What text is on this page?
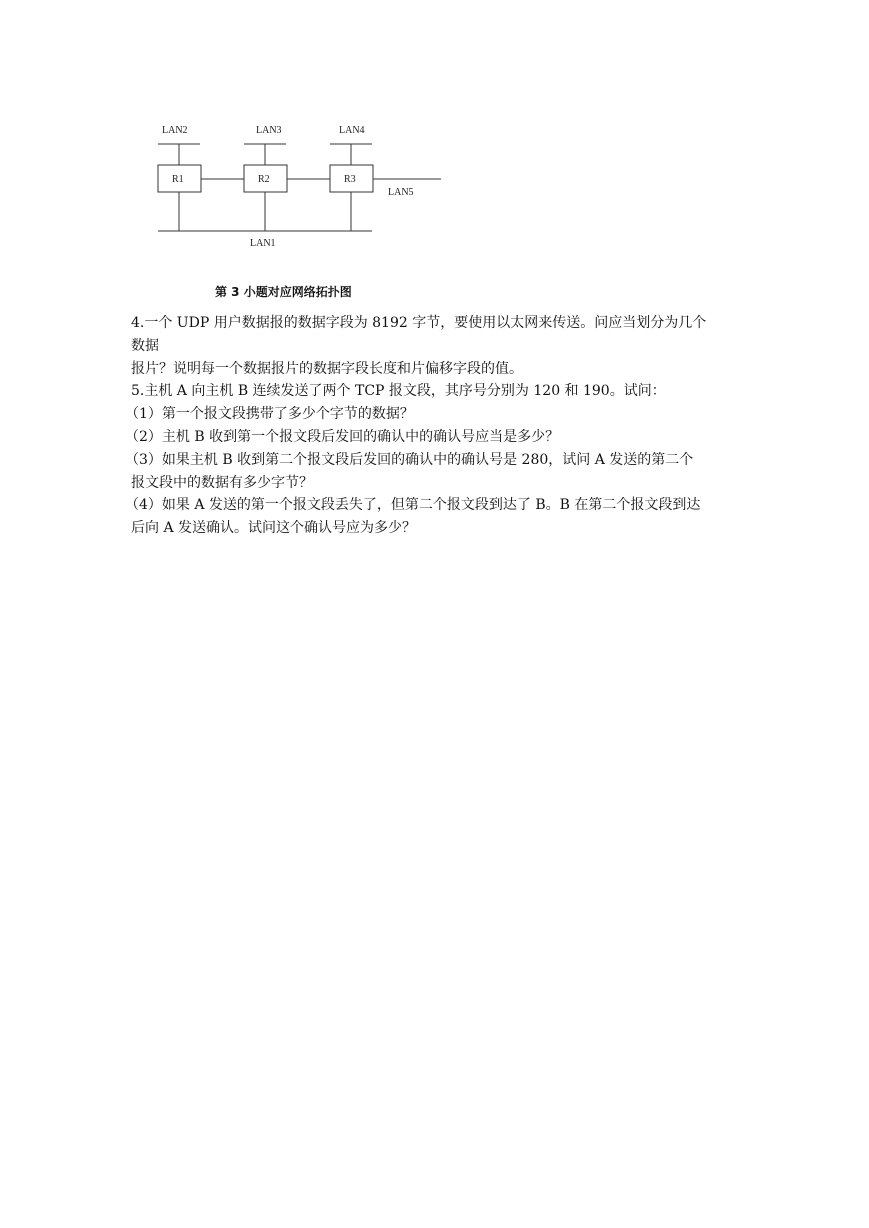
LAN2	LAN3	LAN4
R1	R2	R3
LAN5
LAN1
第 3 小题对应网络拓扑图
4.一个 UDP 用户数据报的数据字段为 8192 字节，要使用以太网来传送。问应当划分为几个
数据
报片？说明每一个数据报片的数据字段长度和片偏移字段的值。
5.主机 A 向主机 B 连续发送了两个 TCP 报文段，其序号分别为 120 和 190。试问：
（1）第一个报文段携带了多少个字节的数据？
（2）主机 B 收到第一个报文段后发回的确认中的确认号应当是多少？
（3）如果主机 B 收到第二个报文段后发回的确认中的确认号是 280，试问 A 发送的第二个
报文段中的数据有多少字节？
（4）如果 A 发送的第一个报文段丢失了，但第二个报文段到达了 B。B 在第二个报文段到达
后向 A 发送确认。试问这个确认号应为多少？
